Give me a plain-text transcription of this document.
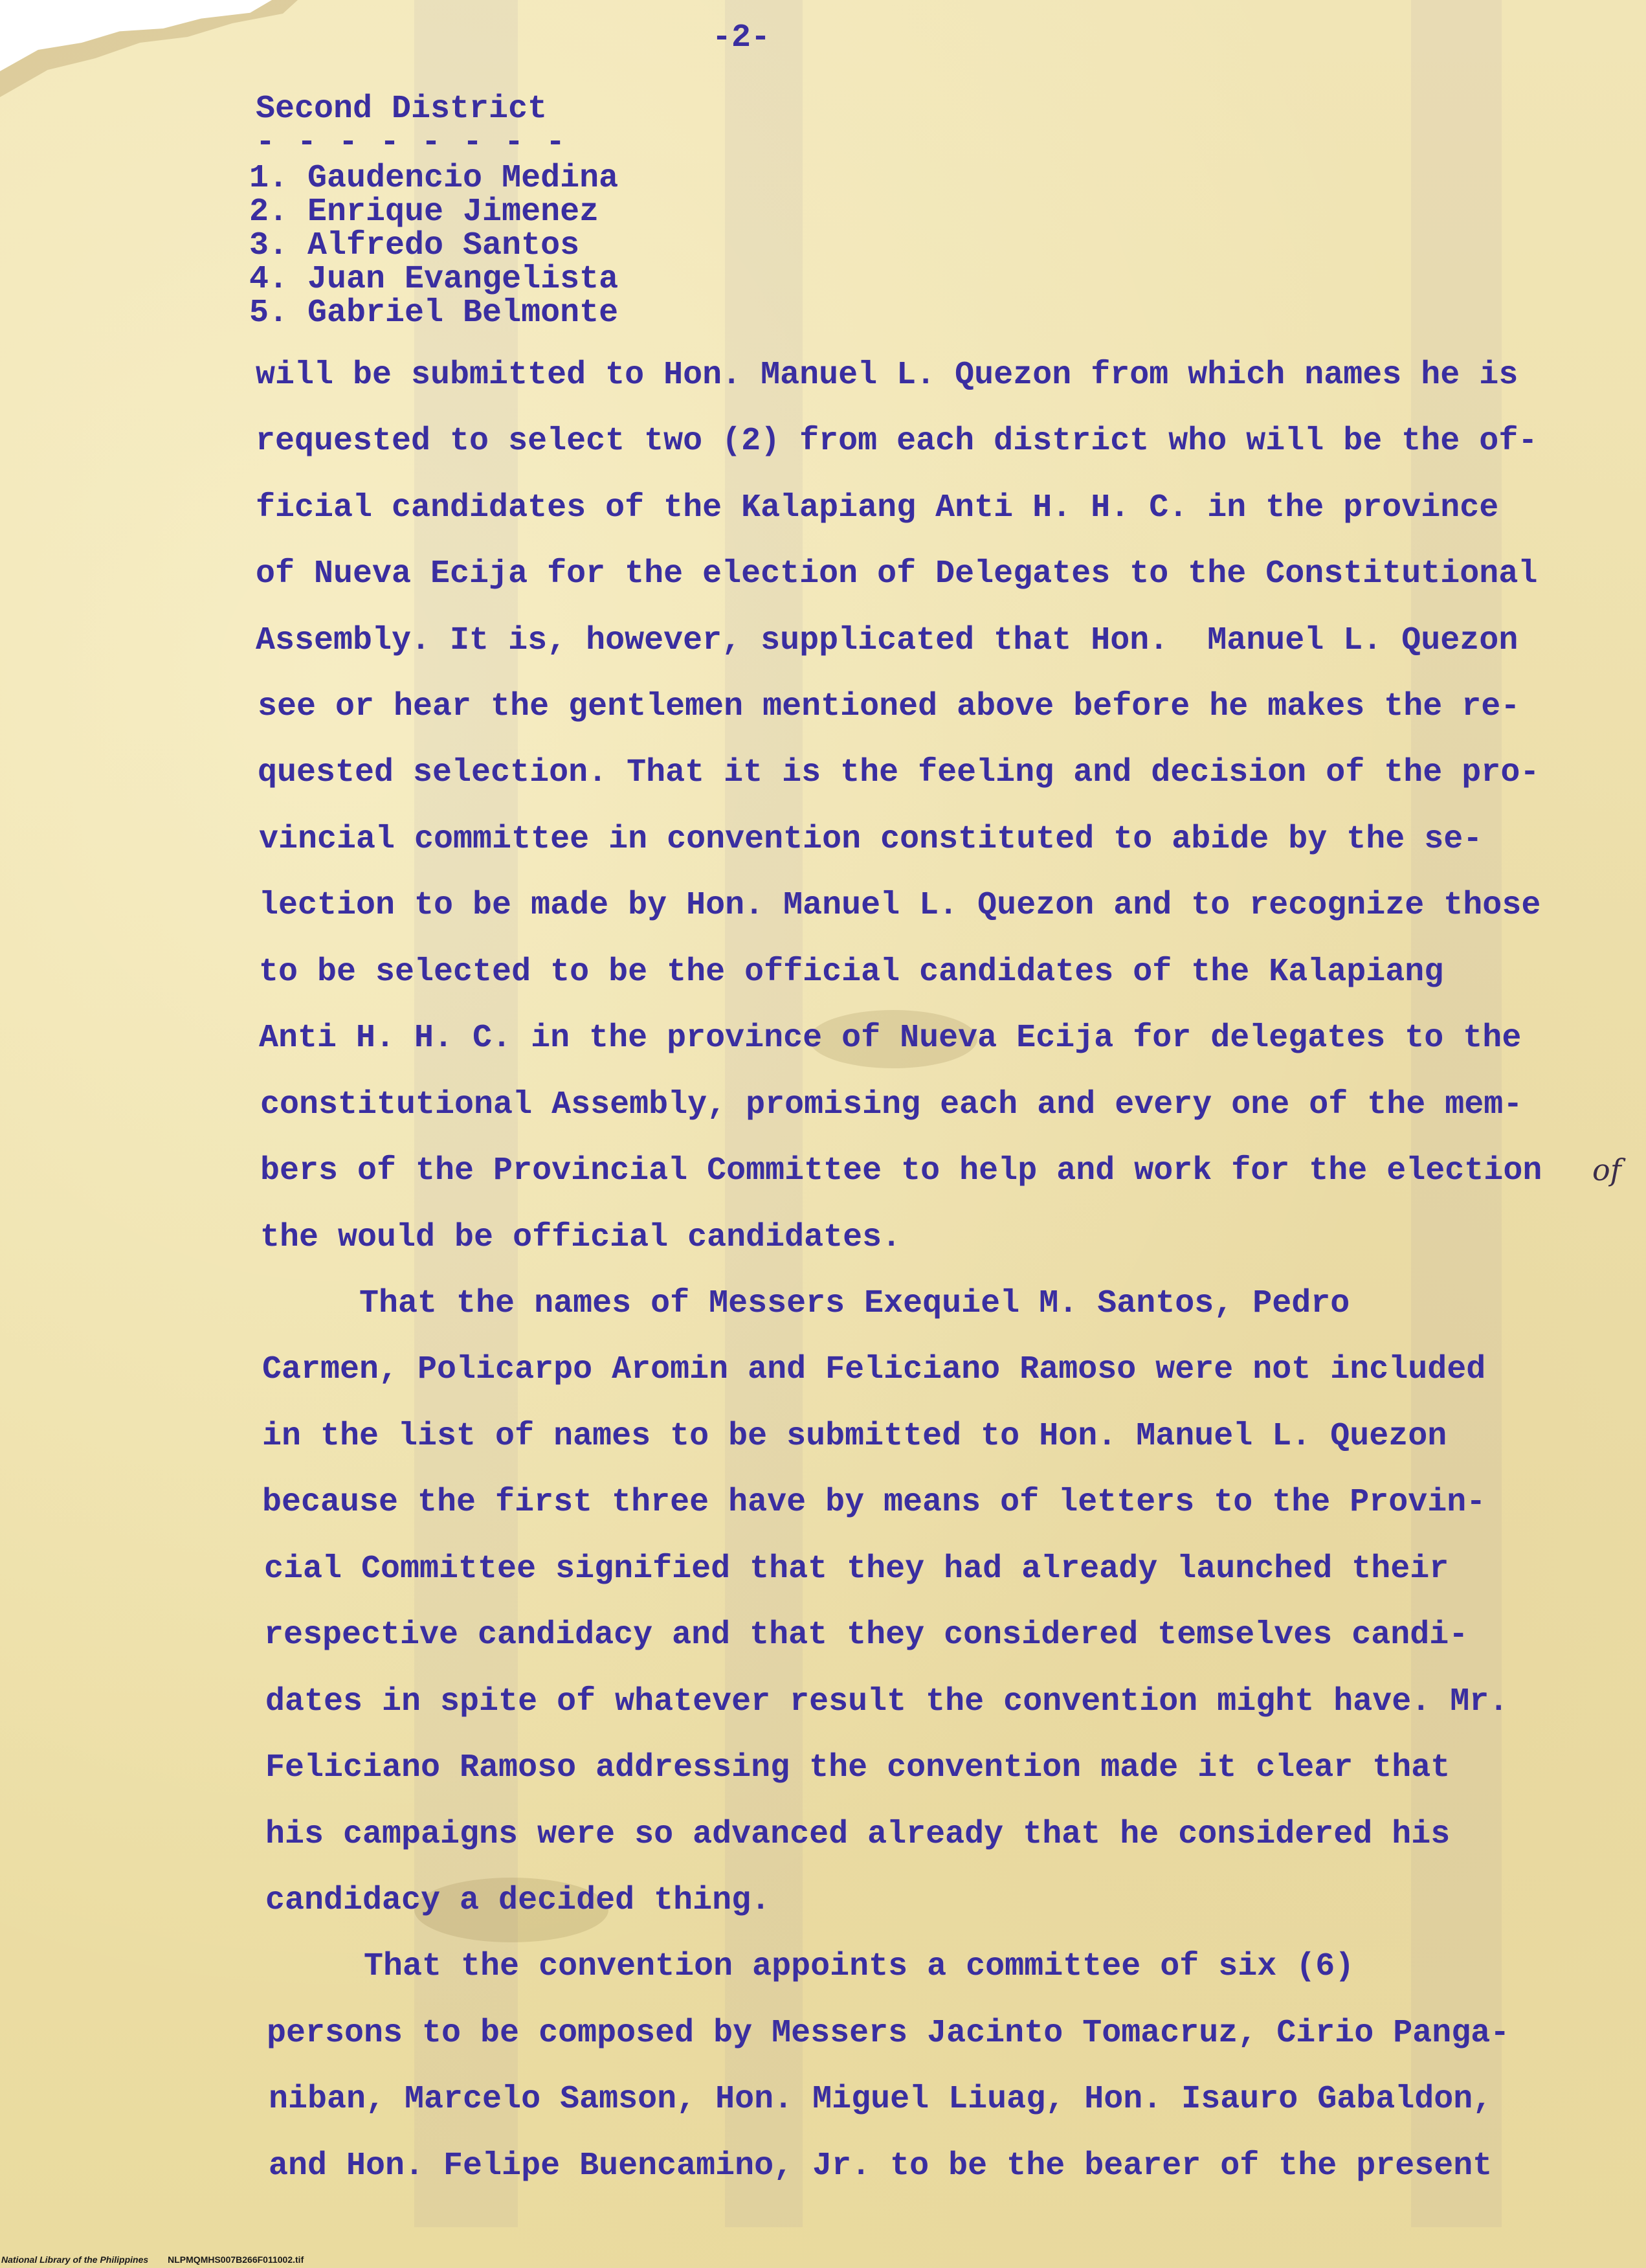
-2-
Second District
- - - - - - - -
1. Gaudencio Medina
2. Enrique Jimenez
3. Alfredo Santos
4. Juan Evangelista
5. Gabriel Belmonte
will be submitted to Hon. Manuel L. Quezon from which names he is
requested to select two (2) from each district who will be the of-
ficial candidates of the Kalapiang Anti H. H. C. in the province
of Nueva Ecija for the election of Delegates to the Constitutional
Assembly. It is, however, supplicated that Hon.  Manuel L. Quezon
see or hear the gentlemen mentioned above before he makes the re-
quested selection. That it is the feeling and decision of the pro-
vincial committee in convention constituted to abide by the se-
lection to be made by Hon. Manuel L. Quezon and to recognize those
to be selected to be the official candidates of the Kalapiang
Anti H. H. C. in the province of Nueva Ecija for delegates to the
constitutional Assembly, promising each and every one of the mem-
bers of the Provincial Committee to help and work for the election
the would be official candidates.
That the names of Messers Exequiel M. Santos, Pedro
Carmen, Policarpo Aromin and Feliciano Ramoso were not included
in the list of names to be submitted to Hon. Manuel L. Quezon
because the first three have by means of letters to the Provin-
cial Committee signified that they had already launched their
respective candidacy and that they considered temselves candi-
dates in spite of whatever result the convention might have. Mr.
Feliciano Ramoso addressing the convention made it clear that
his campaigns were so advanced already that he considered his
candidacy a decided thing.
That the convention appoints a committee of six (6)
persons to be composed by Messers Jacinto Tomacruz, Cirio Panga-
niban, Marcelo Samson, Hon. Miguel Liuag, Hon. Isauro Gabaldon,
and Hon. Felipe Buencamino, Jr. to be the bearer of the present
of
National Library of the Philippines NLPMQMHS007B266F011002.tif
